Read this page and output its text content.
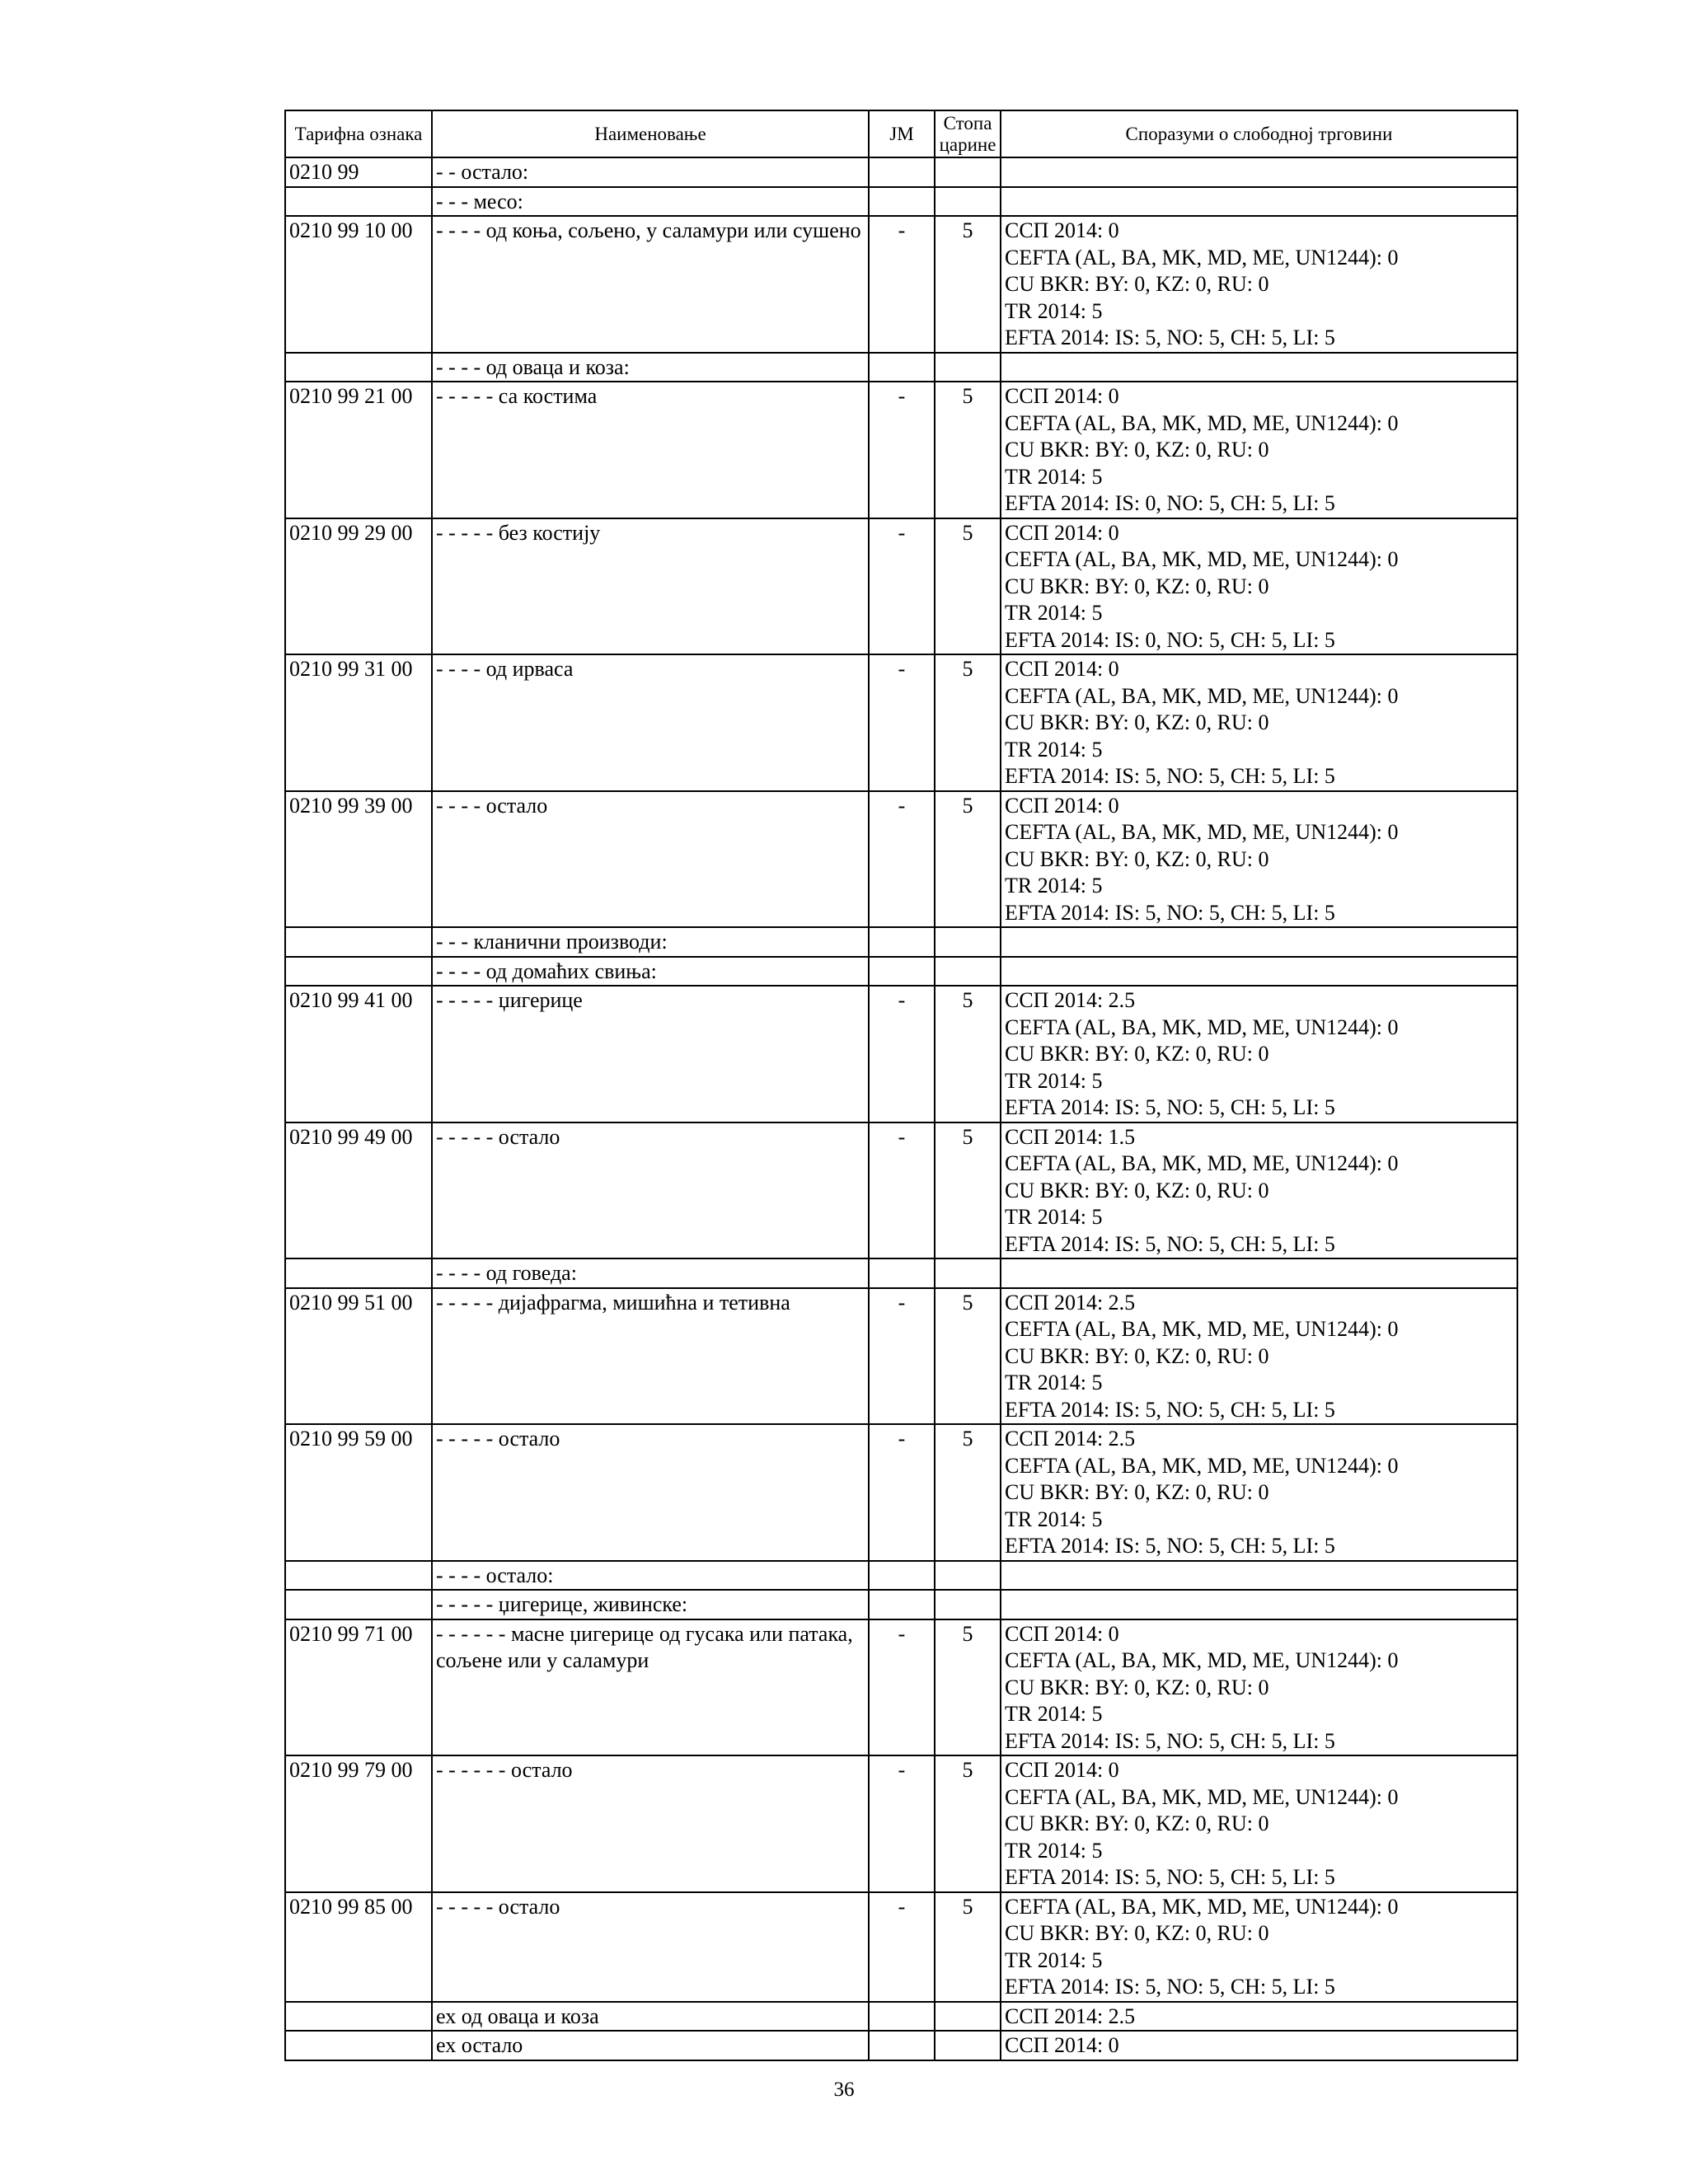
Тарифна ознака	Наименовање	JM	Стопа царине	Споразуми о слободној трговини
0210 99	- - остало:			
	- - - месо:			
0210 99 10 00	- - - - од коња, сољено, у саламури или сушено	-	5	ССП 2014: 0
CEFTA (AL, BA, MK, MD, ME, UN1244): 0
CU BKR: BY: 0, KZ: 0, RU: 0
TR 2014: 5
EFTA 2014: IS: 5, NO: 5, CH: 5, LI: 5

	- - - - од оваца и коза:			
0210 99 21 00	- - - - - са костима	-	5	ССП 2014: 0
CEFTA (AL, BA, MK, MD, ME, UN1244): 0
CU BKR: BY: 0, KZ: 0, RU: 0
TR 2014: 5
EFTA 2014: IS: 0, NO: 5, CH: 5, LI: 5

0210 99 29 00	- - - - - без костију	-	5	ССП 2014: 0
CEFTA (AL, BA, MK, MD, ME, UN1244): 0
CU BKR: BY: 0, KZ: 0, RU: 0
TR 2014: 5
EFTA 2014: IS: 0, NO: 5, CH: 5, LI: 5

0210 99 31 00	- - - - од ирваса	-	5	ССП 2014: 0
CEFTA (AL, BA, MK, MD, ME, UN1244): 0
CU BKR: BY: 0, KZ: 0, RU: 0
TR 2014: 5
EFTA 2014: IS: 5, NO: 5, CH: 5, LI: 5

0210 99 39 00	- - - - остало	-	5	ССП 2014: 0
CEFTA (AL, BA, MK, MD, ME, UN1244): 0
CU BKR: BY: 0, KZ: 0, RU: 0
TR 2014: 5
EFTA 2014: IS: 5, NO: 5, CH: 5, LI: 5

	- - - кланични производи:			
	- - - - од домаћих свиња:			
0210 99 41 00	- - - - - џигерице	-	5	ССП 2014: 2.5
CEFTA (AL, BA, MK, MD, ME, UN1244): 0
CU BKR: BY: 0, KZ: 0, RU: 0
TR 2014: 5
EFTA 2014: IS: 5, NO: 5, CH: 5, LI: 5

0210 99 49 00	- - - - - остало	-	5	ССП 2014: 1.5
CEFTA (AL, BA, MK, MD, ME, UN1244): 0
CU BKR: BY: 0, KZ: 0, RU: 0
TR 2014: 5
EFTA 2014: IS: 5, NO: 5, CH: 5, LI: 5

	- - - - од говеда:			
0210 99 51 00	- - - - - дијафрагма, мишићна и тетивна	-	5	ССП 2014: 2.5
CEFTA (AL, BA, MK, MD, ME, UN1244): 0
CU BKR: BY: 0, KZ: 0, RU: 0
TR 2014: 5
EFTA 2014: IS: 5, NO: 5, CH: 5, LI: 5

0210 99 59 00	- - - - - остало	-	5	ССП 2014: 2.5
CEFTA (AL, BA, MK, MD, ME, UN1244): 0
CU BKR: BY: 0, KZ: 0, RU: 0
TR 2014: 5
EFTA 2014: IS: 5, NO: 5, CH: 5, LI: 5

	- - - - остало:			
	- - - - - џигерице, живинске:			
0210 99 71 00	- - - - - - масне џигерице од гусака или патака, сољене или у саламури	-	5	ССП 2014: 0
CEFTA (AL, BA, MK, MD, ME, UN1244): 0
CU BKR: BY: 0, KZ: 0, RU: 0
TR 2014: 5
EFTA 2014: IS: 5, NO: 5, CH: 5, LI: 5

0210 99 79 00	- - - - - - остало	-	5	ССП 2014: 0
CEFTA (AL, BA, MK, MD, ME, UN1244): 0
CU BKR: BY: 0, KZ: 0, RU: 0
TR 2014: 5
EFTA 2014: IS: 5, NO: 5, CH: 5, LI: 5

0210 99 85 00	- - - - - остало	-	5	CEFTA (AL, BA, MK, MD, ME, UN1244): 0
CU BKR: BY: 0, KZ: 0, RU: 0
TR 2014: 5
EFTA 2014: IS: 5, NO: 5, CH: 5, LI: 5

	ех од оваца и коза			ССП 2014: 2.5

	ех остало			ССП 2014: 0
36
